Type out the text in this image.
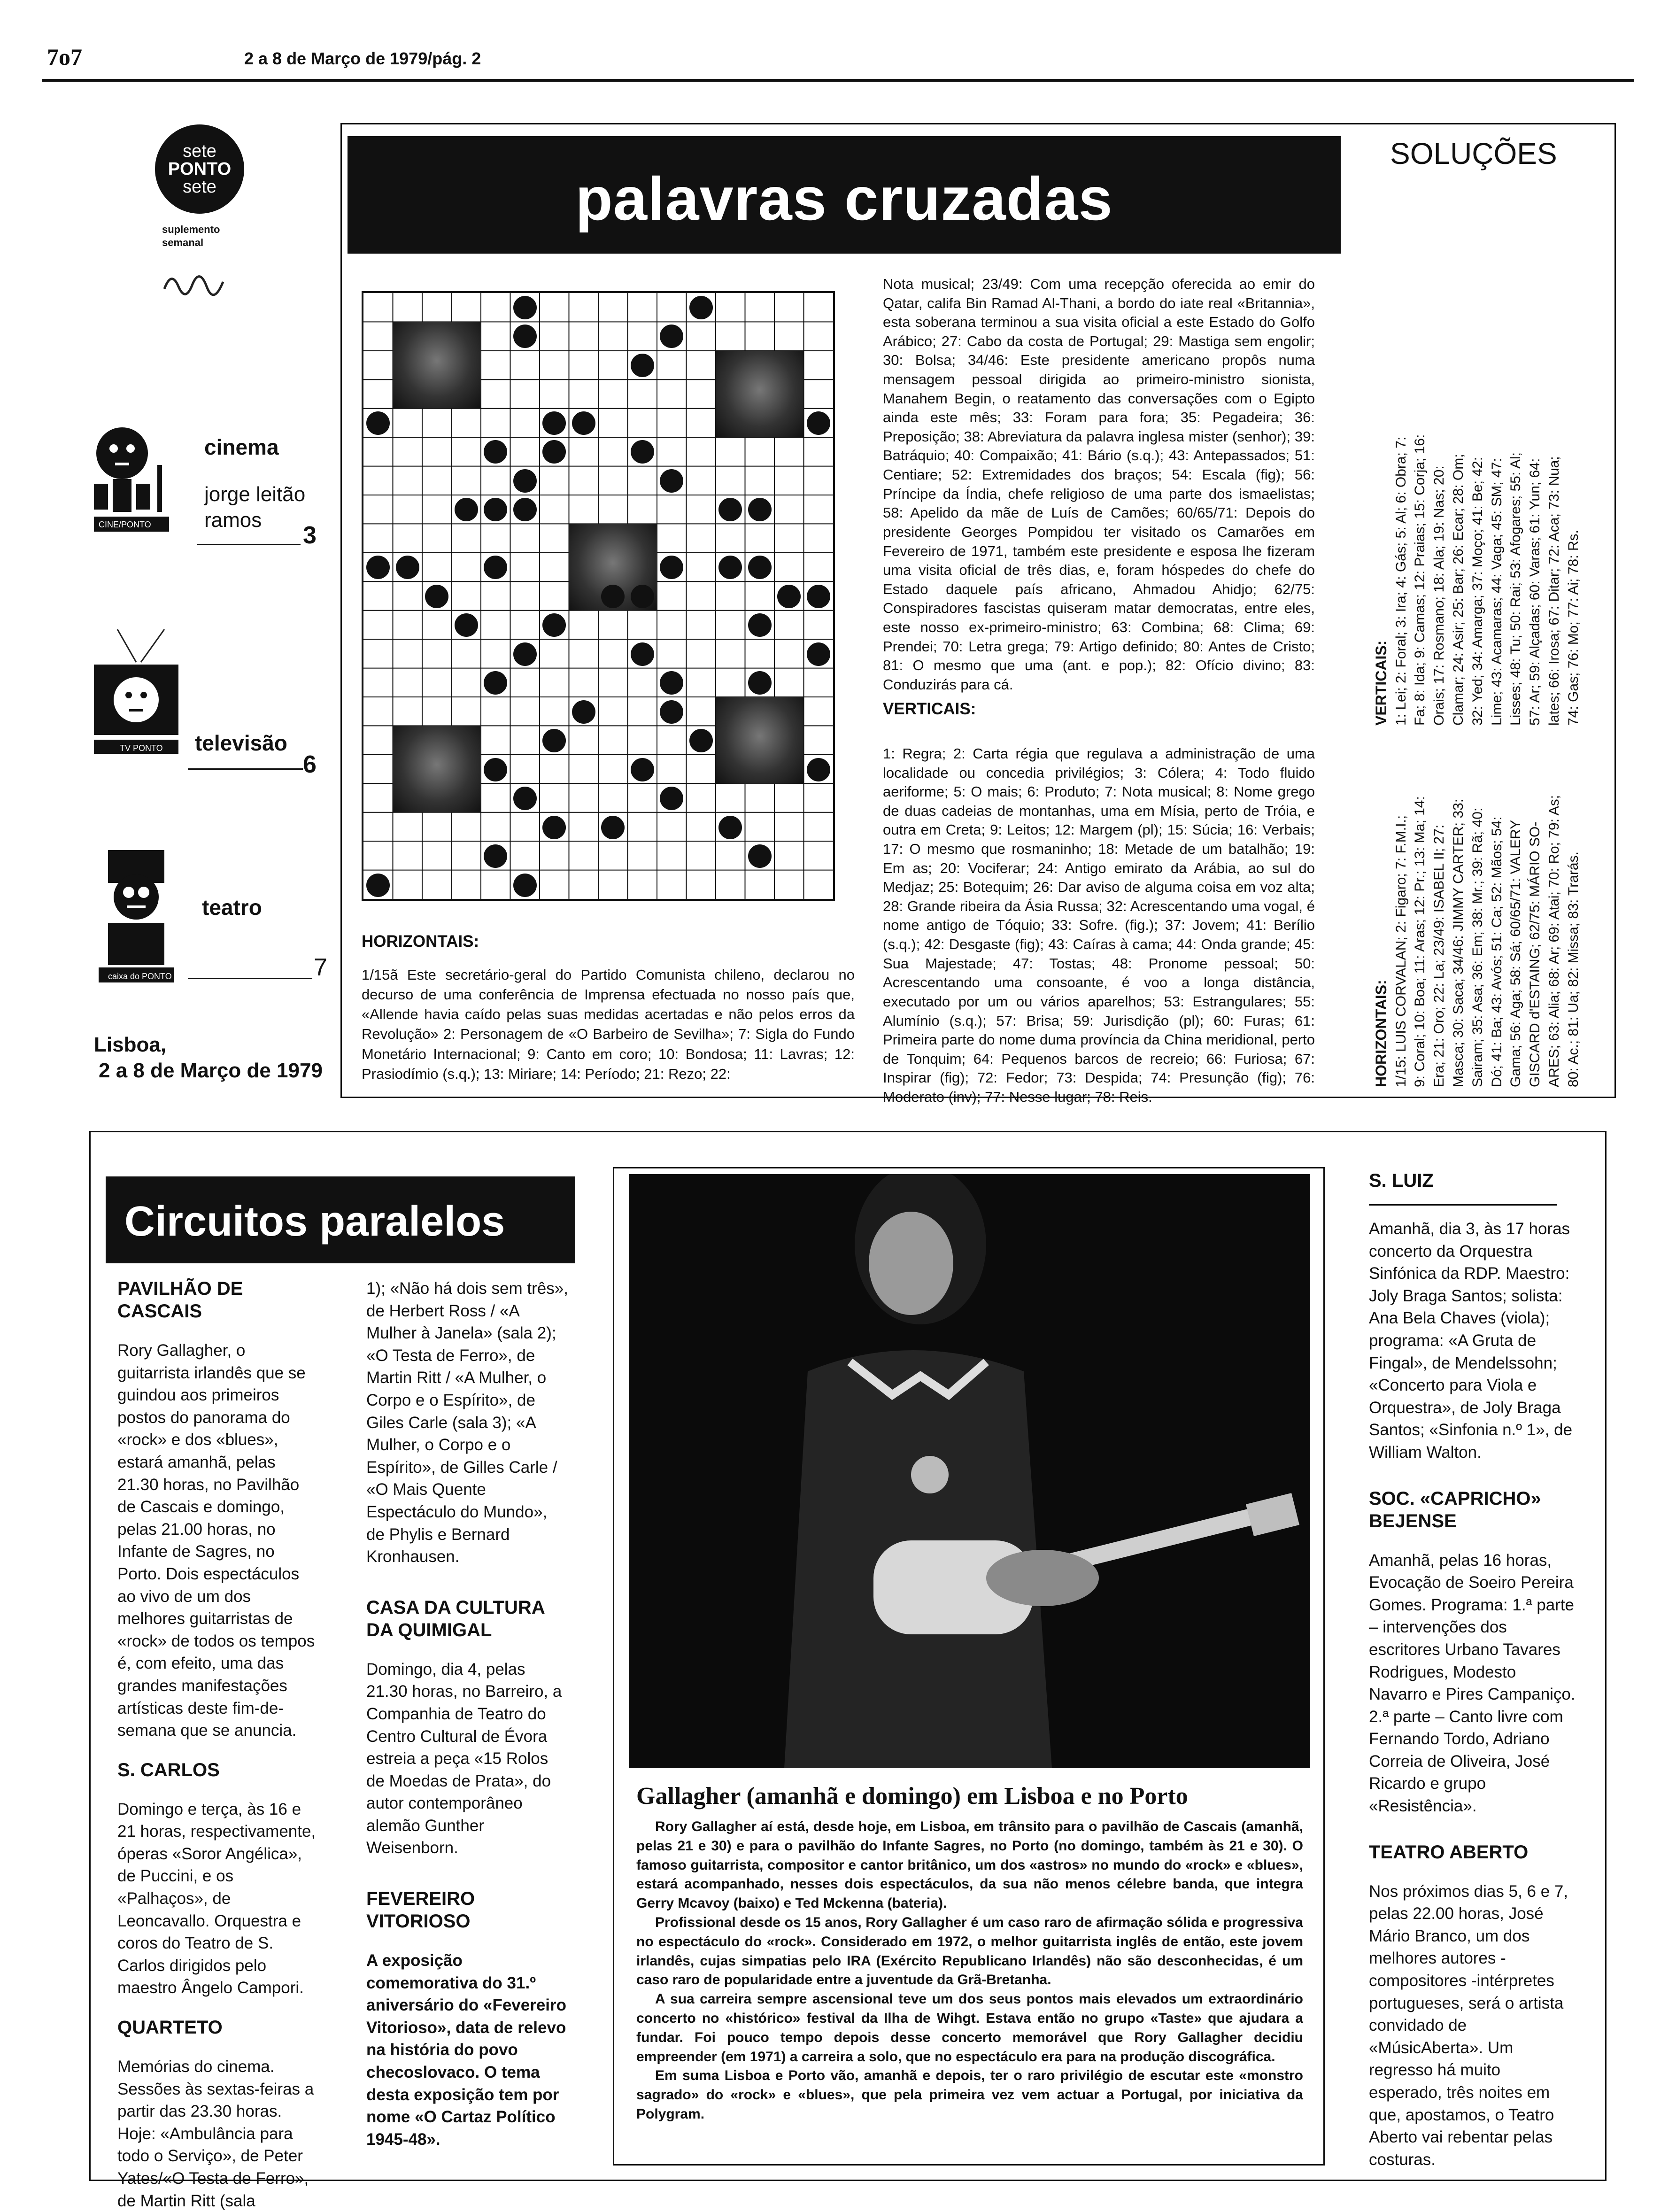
7o7	2 a 8 de Março de 1979/pág. 2
sete
PONTO
sete
suplemento semanal
CINE/PONTO
cinema
jorge leitão ramos
3
TV PONTO televisão
6
caixa do PONTO
teatro
7
Lisboa,
2 a 8 de Março de 1979
palavras cruzadas
SOLUÇÕES
HORIZONTAIS:
1/15ã Este secretário-geral do Partido Comunista chileno, declarou no decurso de uma conferência de Imprensa efectuada no nosso país que, «Allende havia caído pelas suas medidas acertadas e não pelos erros da Revolução» 2: Personagem de «O Barbeiro de Sevilha»; 7: Sigla do Fundo Monetário Internacional; 9: Canto em coro; 10: Bondosa; 11: Lavras; 12: Prasiodímio (s.q.); 13: Miriare; 14: Período; 21: Rezo; 22:
Nota musical; 23/49: Com uma recepção oferecida ao emir do Qatar, califa Bin Ramad Al-Thani, a bordo do iate real «Britannia», esta soberana terminou a sua visita oficial a este Estado do Golfo Arábico; 27: Cabo da costa de Portugal; 29: Mastiga sem engolir; 30: Bolsa; 34/46: Este presidente americano propôs numa mensagem pessoal dirigida ao primeiro-ministro sionista, Manahem Begin, o reatamento das conversações com o Egipto ainda este mês; 33: Foram para fora; 35: Pegadeira; 36: Preposição; 38: Abreviatura da palavra inglesa mister (senhor); 39: Batráquio; 40: Compaixão; 41: Bário (s.q.); 43: Antepassados; 51: Centiare; 52: Extremidades dos braços; 54: Escala (fig); 56: Príncipe da Índia, chefe religioso de uma parte dos ismaelistas; 58: Apelido da mãe de Luís de Camões; 60/65/71: Depois do presidente Georges Pompidou ter visitado os Camarões em Fevereiro de 1971, também este presidente e esposa lhe fizeram uma visita oficial de três dias, e, foram hóspedes do chefe do Estado daquele país africano, Ahmadou Ahidjo; 62/75: Conspiradores fascistas quiseram matar democratas, entre eles, este nosso ex-primeiro-ministro; 63: Combina; 68: Clima; 69: Prendei; 70: Letra grega; 79: Artigo definido; 80: Antes de Cristo; 81: O mesmo que uma (ant. e pop.); 82: Ofício divino; 83: Conduzirás para cá.
VERTICAIS:
1: Regra; 2: Carta régia que regulava a administração de uma localidade ou concedia privilégios; 3: Cólera; 4: Todo fluido aeriforme; 5: O mais; 6: Produto; 7: Nota musical; 8: Nome grego de duas cadeias de montanhas, uma em Mísia, perto de Tróia, e outra em Creta; 9: Leitos; 12: Margem (pl); 15: Súcia; 16: Verbais; 17: O mesmo que rosmaninho; 18: Metade de um batalhão; 19: Em as; 20: Vociferar; 24: Antigo emirato da Arábia, ao sul do Medjaz; 25: Botequim; 26: Dar aviso de alguma coisa em voz alta; 28: Grande ribeira da Ásia Russa; 32: Acrescentando uma vogal, é nome antigo de Tóquio; 33: Sofre. (fig.); 37: Jovem; 41: Berílio (s.q.); 42: Desgaste (fig); 43: Caíras à cama; 44: Onda grande; 45: Sua Majestade; 47: Tostas; 48: Pronome pessoal; 50: Acrescentando uma consoante, é voo a longa distância, executado por um ou vários aparelhos; 53: Estrangulares; 55: Alumínio (s.q.); 57: Brisa; 59: Jurisdição (pl); 60: Furas; 61: Primeira parte do nome duma província da China meridional, perto de Tonquim; 64: Pequenos barcos de recreio; 66: Furiosa; 67: Inspirar (fig); 72: Fedor; 73: Despida; 74: Presunção (fig); 76: Moderato (inv); 77: Nesse lugar; 78: Reis.
VERTICAIS: 1: Lei; 2: Foral; 3: Ira; 4: Gás; 5: Al; 6: Obra; 7: Fa; 8: Ida; 9: Camas; 12: Praias; 15: Corja; 16: Orais; 17: Rosmano; 18: Ala; 19: Nas; 20: Clamar; 24: Asir; 25: Bar; 26: Ecar; 28: Om; 32: Yed; 34: Amarga; 37: Moço; 41: Be; 42: Lime; 43: Acamaras; 44: Vaga; 45: SM; 47: Lisses; 48: Tu; 50: Rai; 53: Afogares; 55: Al; 57: Ar; 59: Alçadas; 60: Varas; 61: Yun; 64: lates; 66: Irosa; 67: Ditar; 72: Aca; 73: Nua; 74: Gas; 76: Mo; 77: Ai; 78: Rs.
HORIZONTAIS: 1/15: LUIS CORVALAN; 2: Figaro; 7: F.M.I.; 9: Coral; 10: Boa; 11: Aras; 12: Pr.; 13: Ma; 14: Era; 21: Oro; 22: La; 23/49: ISABEL II; 27: Masca; 30: Saca; 34/46: JIMMY CARTER; 33: Sairam; 35: Asa; 36: Em; 38: Mr.; 39: Rã; 40: Dó; 41: Ba; 43: Avós; 51: Ca; 52: Mãos; 54: Gama; 56: Aga; 58: Sá; 60/65/71: VALERY GISCARD d'ESTAING; 62/75: MÁRIO SO- ARES; 63: Alia; 68: Ar; 69: Atai; 70: Ro; 79: As; 80: Ac.; 81: Ua; 82: Missa; 83: Trarás.
Circuitos paralelos
PAVILHÃO DE CASCAIS
Rory Gallagher, o guitarrista irlandês que se guindou aos primeiros postos do panorama do «rock» e dos «blues», estará amanhã, pelas 21.30 horas, no Pavilhão de Cascais e domingo, pelas 21.00 horas, no Infante de Sagres, no Porto. Dois espectáculos ao vivo de um dos melhores guitarristas de «rock» de todos os tempos é, com efeito, uma das grandes manifestações artísticas deste fim-de-semana que se anuncia.
S. CARLOS
Domingo e terça, às 16 e 21 horas, respectivamente, óperas «Soror Angélica», de Puccini, e os «Palhaços», de Leoncavallo. Orquestra e coros do Teatro de S. Carlos dirigidos pelo maestro Ângelo Campori.
QUARTETO
Memórias do cinema. Sessões às sextas-feiras a partir das 23.30 horas. Hoje: «Ambulância para todo o Serviço», de Peter Yates/«O Testa de Ferro», de Martin Ritt (sala
1); «Não há dois sem três», de Herbert Ross / «A Mulher à Janela» (sala 2); «O Testa de Ferro», de Martin Ritt / «A Mulher, o Corpo e o Espírito», de Giles Carle (sala 3); «A Mulher, o Corpo e o Espírito», de Gilles Carle / «O Mais Quente Espectáculo do Mundo», de Phylis e Bernard Kronhausen.
CASA DA CULTURA DA QUIMIGAL
Domingo, dia 4, pelas 21.30 horas, no Barreiro, a Companhia de Teatro do Centro Cultural de Évora estreia a peça «15 Rolos de Moedas de Prata», do autor contemporâneo alemão Gunther Weisenborn.
FEVEREIRO VITORIOSO
A exposição comemorativa do 31.º aniversário do «Fevereiro Vitorioso», data de relevo na história do povo checoslovaco. O tema desta exposição tem por nome «O Cartaz Político 1945-48».
Gallagher (amanhã e domingo) em Lisboa e no Porto

Rory Gallagher aí está, desde hoje, em Lisboa, em trânsito para o pavilhão de Cascais (amanhã, pelas 21 e 30) e para o pavilhão do Infante Sagres, no Porto (no domingo, também às 21 e 30). O famoso guitarrista, compositor e cantor britânico, um dos «astros» no mundo do «rock» e «blues», estará acompanhado, nesses dois espectáculos, da sua não menos célebre banda, que integra Gerry Mcavoy (baixo) e Ted Mckenna (bateria).

Profissional desde os 15 anos, Rory Gallagher é um caso raro de afirmação sólida e progressiva no espectáculo do «rock». Considerado em 1972, o melhor guitarrista inglês de então, este jovem irlandês, cujas simpatias pelo IRA (Exército Republicano Irlandês) não são desconhecidas, é um caso raro de popularidade entre a juventude da Grã-Bretanha.

A sua carreira sempre ascensional teve um dos seus pontos mais elevados um extraordinário concerto no «histórico» festival da Ilha de Wihgt. Estava então no grupo «Taste» que ajudara a fundar. Foi pouco tempo depois desse concerto memorável que Rory Gallagher decidiu empreender (em 1971) a carreira a solo, que no espectáculo era para na produção discográfica.

Em suma Lisboa e Porto vão, amanhã e depois, ter o raro privilégio de escutar este «monstro sagrado» do «rock» e «blues», que pela primeira vez vem actuar a Portugal, por iniciativa da Polygram.

S. LUIZ
Amanhã, dia 3, às 17 horas concerto da Orquestra Sinfónica da RDP. Maestro: Joly Braga Santos; solista: Ana Bela Chaves (viola); programa: «A Gruta de Fingal», de Mendelssohn; «Concerto para Viola e Orquestra», de Joly Braga Santos; «Sinfonia n.º 1», de William Walton.
SOC. «CAPRICHO» BEJENSE
Amanhã, pelas 16 horas, Evocação de Soeiro Pereira Gomes. Programa: 1.ª parte – intervenções dos escritores Urbano Tavares Rodrigues, Modesto Navarro e Pires Campaniço. 2.ª parte – Canto livre com Fernando Tordo, Adriano Correia de Oliveira, José Ricardo e grupo «Resistência».
TEATRO ABERTO
Nos próximos dias 5, 6 e 7, pelas 22.00 horas, José Mário Branco, um dos melhores autores -compositores -intérpretes portugueses, será o artista convidado de «MúsicAberta». Um regresso há muito esperado, três noites em que, apostamos, o Teatro Aberto vai rebentar pelas costuras.
